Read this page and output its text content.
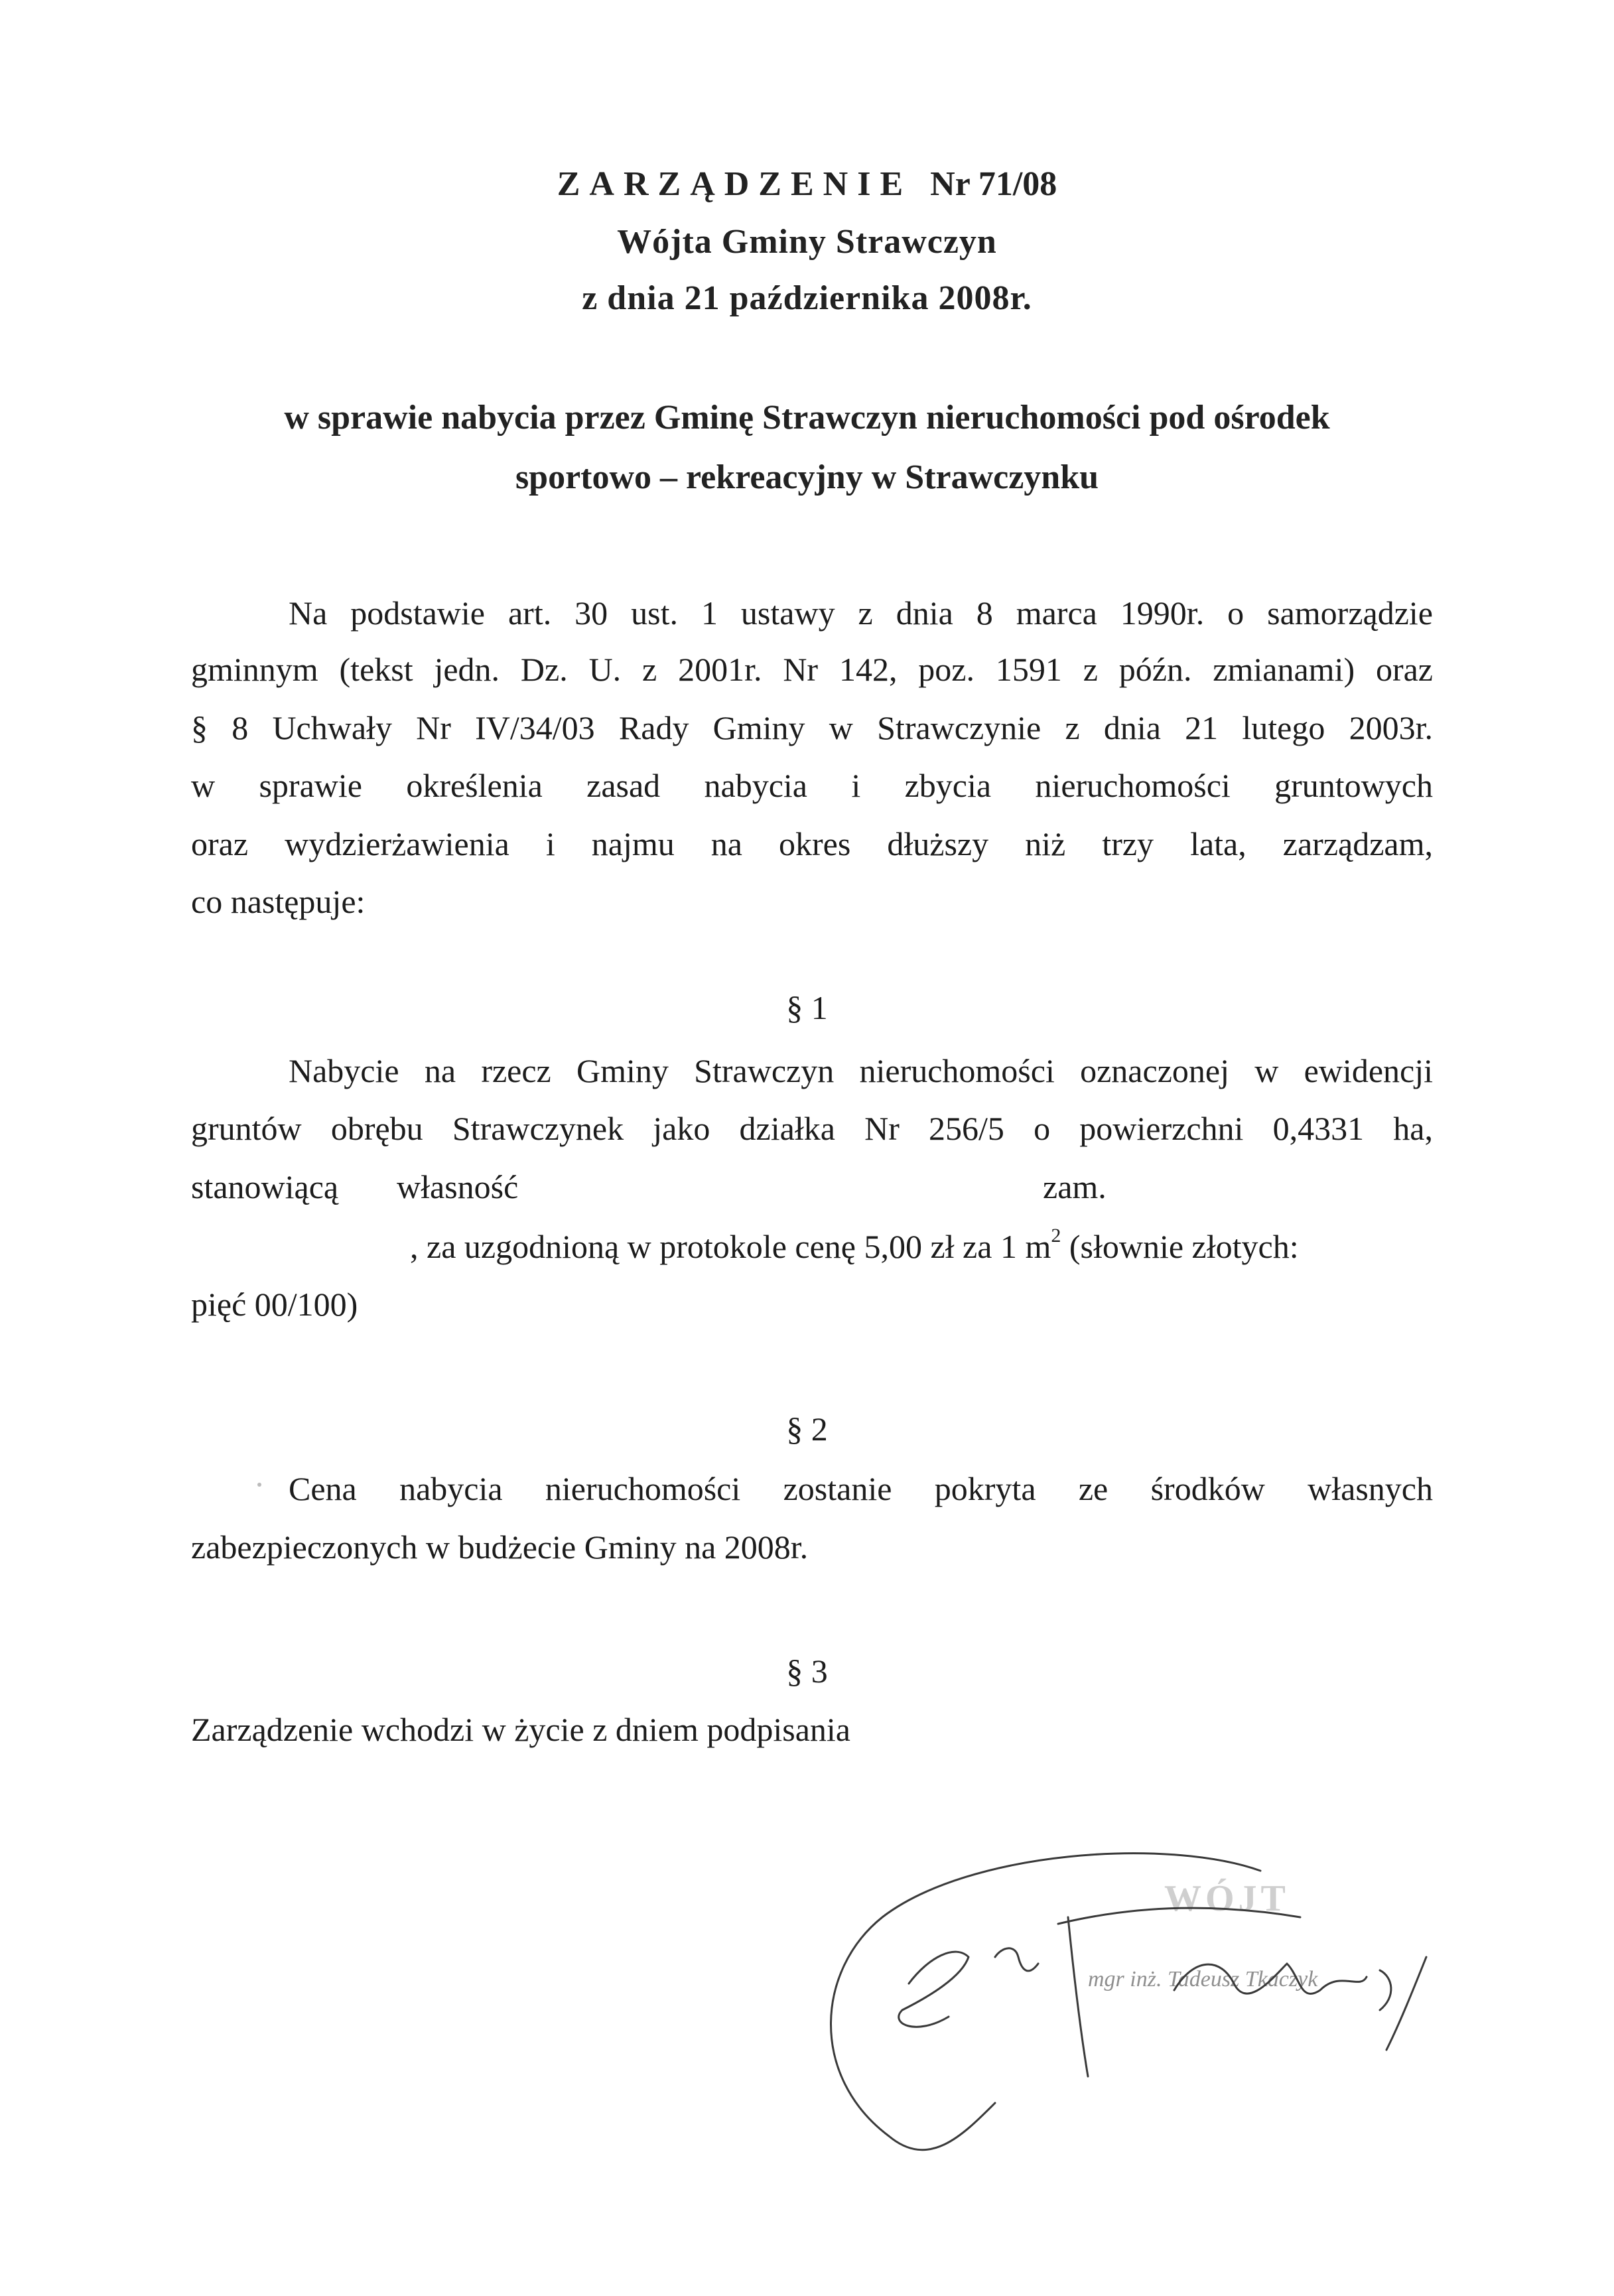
ZARZĄDZENIE Nr 71/08
Wójta Gminy Strawczyn
z dnia 21 października 2008r.
w sprawie nabycia przez Gminę Strawczyn nieruchomości pod ośrodek
sportowo – rekreacyjny w Strawczynku
Na podstawie art. 30 ust. 1 ustawy z dnia 8 marca 1990r. o samorządzie
gminnym (tekst jedn. Dz. U. z 2001r. Nr 142, poz. 1591 z późn. zmianami) oraz
§ 8 Uchwały Nr IV/34/03 Rady Gminy w Strawczynie z dnia 21 lutego 2003r.
w sprawie określenia zasad nabycia i zbycia nieruchomości gruntowych
oraz wydzierżawienia i najmu na okres dłuższy niż trzy lata, zarządzam,
co następuje:
§ 1
Nabycie na rzecz Gminy Strawczyn nieruchomości oznaczonej w ewidencji
gruntów obrębu Strawczynek jako działka Nr 256/5 o powierzchni 0,4331 ha,
stanowiącą własność	zam.
, za uzgodnioną w protokole cenę 5,00 zł za 1 $m^2$ (słownie złotych:
pięć 00/100)
§ 2
Cena nabycia nieruchomości zostanie pokryta ze środków własnych
zabezpieczonych w budżecie Gminy na 2008r.
§ 3
Zarządzenie wchodzi w życie z dniem podpisania
WÓJT
mgr inż. Tadeusz Tkaczyk
